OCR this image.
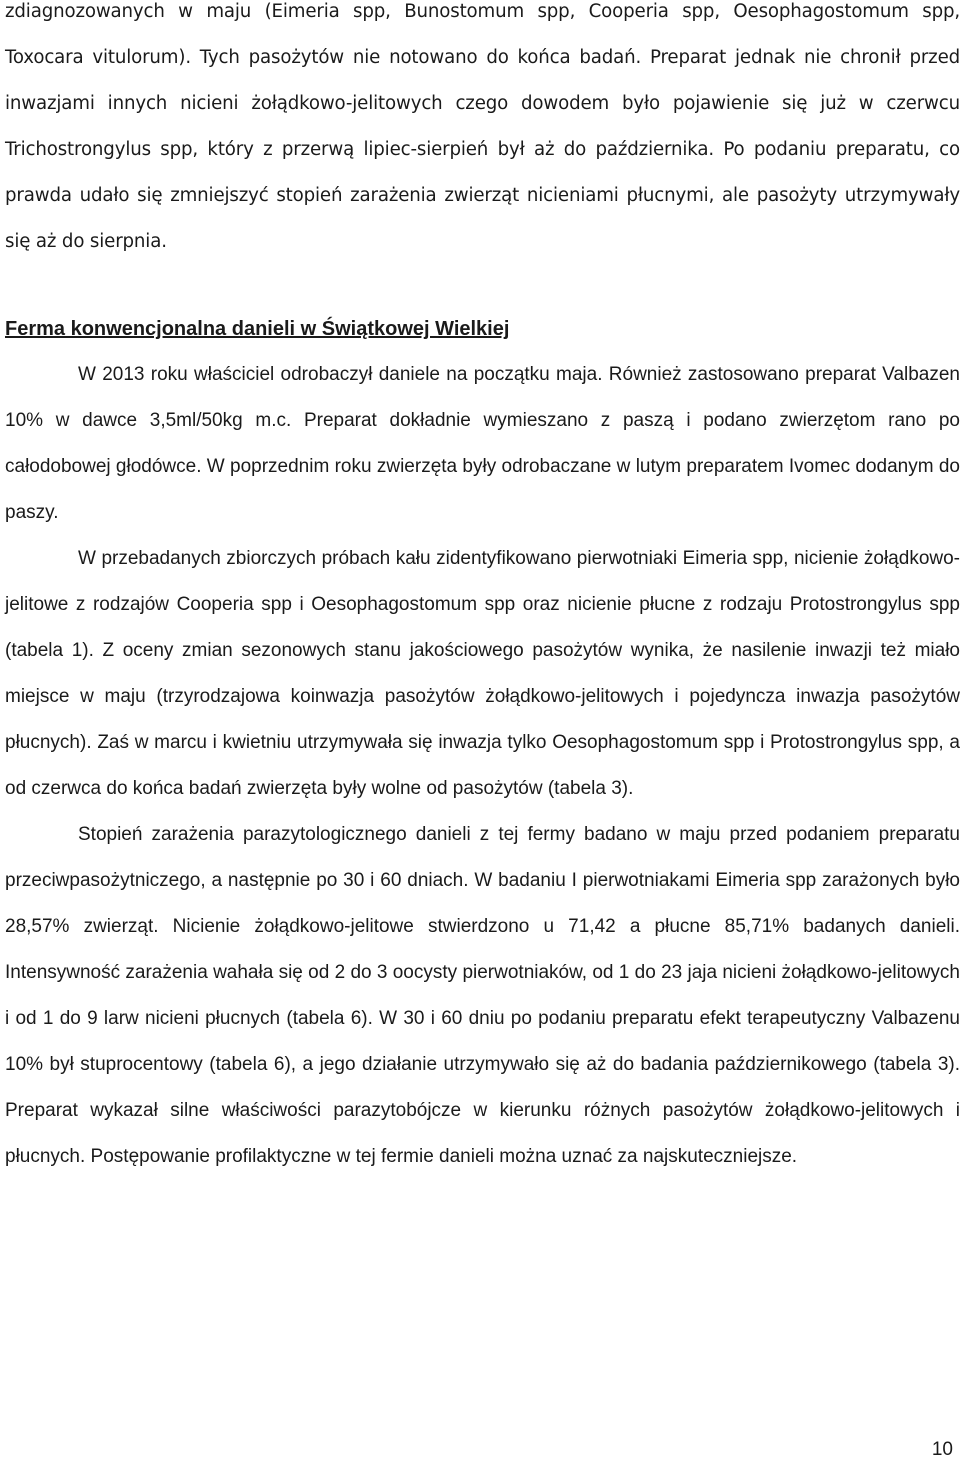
zdiagnozowanych w maju (Eimeria spp, Bunostomum spp, Cooperia spp, Oesophagostomum spp, Toxocara vitulorum). Tych pasożytów nie notowano do końca badań. Preparat jednak nie chronił przed inwazjami innych nicieni żołądkowo-jelitowych czego dowodem było pojawienie się już w czerwcu Trichostrongylus spp, który z przerwą lipiec-sierpień był aż do października. Po podaniu preparatu, co prawda udało się zmniejszyć stopień zarażenia zwierząt nicieniami płucnymi, ale pasożyty utrzymywały się aż do sierpnia.

Ferma konwencjonalna danieli w Świątkowej Wielkiej

W 2013 roku właściciel odrobaczył daniele na początku maja. Również zastosowano preparat Valbazen 10% w dawce 3,5ml/50kg m.c. Preparat dokładnie wymieszano z paszą i podano zwierzętom rano po całodobowej głodówce. W poprzednim roku zwierzęta były odrobaczane w lutym preparatem Ivomec dodanym do paszy.

W przebadanych zbiorczych próbach kału zidentyfikowano pierwotniaki Eimeria spp, nicienie żołądkowo-jelitowe z rodzajów Cooperia spp i Oesophagostomum spp oraz nicienie płucne z rodzaju Protostrongylus spp (tabela 1). Z oceny zmian sezonowych stanu jakościowego pasożytów wynika, że nasilenie inwazji też miało miejsce w maju (trzyrodzajowa koinwazja pasożytów żołądkowo-jelitowych i pojedyncza inwazja pasożytów płucnych). Zaś w marcu i kwietniu utrzymywała się inwazja tylko Oesophagostomum spp i Protostrongylus spp, a od czerwca do końca badań zwierzęta były wolne od pasożytów (tabela 3).

Stopień zarażenia parazytologicznego danieli z tej fermy badano w maju przed podaniem preparatu przeciwpasożytniczego, a następnie po 30 i 60 dniach. W badaniu I pierwotniakami Eimeria spp zarażonych było 28,57% zwierząt. Nicienie żołądkowo-jelitowe stwierdzono u 71,42 a płucne 85,71% badanych danieli. Intensywność zarażenia wahała się od 2 do 3 oocysty pierwotniaków, od 1 do 23 jaja nicieni żołądkowo-jelitowych i od 1 do 9 larw nicieni płucnych (tabela 6). W 30 i 60 dniu po podaniu preparatu efekt terapeutyczny Valbazenu 10% był stuprocentowy (tabela 6), a jego działanie utrzymywało się aż do badania październikowego (tabela 3). Preparat wykazał silne właściwości parazytobójcze w kierunku różnych pasożytów żołądkowo-jelitowych i płucnych. Postępowanie profilaktyczne w tej fermie danieli można uznać za najskuteczniejsze.

10
